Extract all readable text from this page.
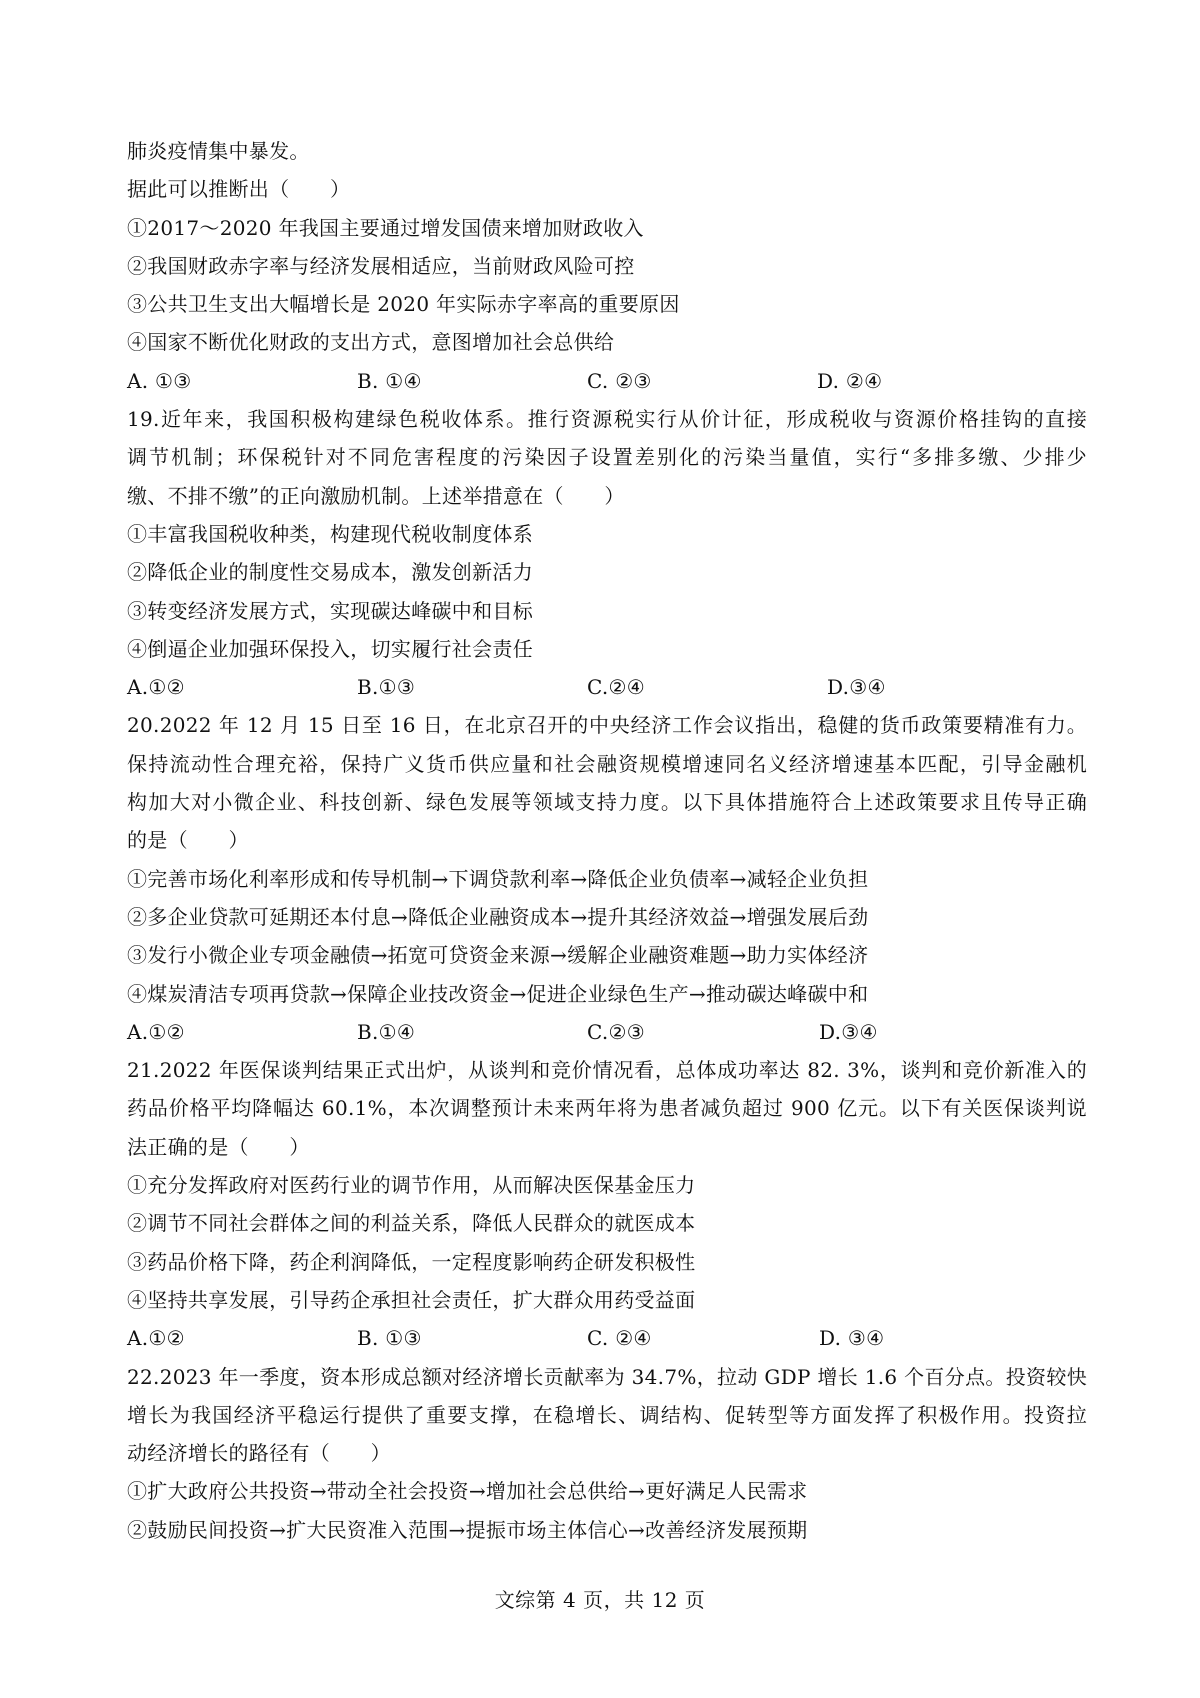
肺炎疫情集中暴发。
据此可以推断出（　　）
①2017～2020 年我国主要通过增发国债来增加财政收入
②我国财政赤字率与经济发展相适应，当前财政风险可控
③公共卫生支出大幅增长是 2020 年实际赤字率高的重要原因
④国家不断优化财政的支出方式，意图增加社会总供给
A. ①③	B. ①④	C. ②③	D. ②④
19.近年来，我国积极构建绿色税收体系。推行资源税实行从价计征，形成税收与资源价格挂钩的直接
调节机制；环保税针对不同危害程度的污染因子设置差别化的污染当量值，实行“多排多缴、少排少
缴、不排不缴”的正向激励机制。上述举措意在（　　）
①丰富我国税收种类，构建现代税收制度体系
②降低企业的制度性交易成本，激发创新活力
③转变经济发展方式，实现碳达峰碳中和目标
④倒逼企业加强环保投入，切实履行社会责任
A.①②	B.①③	C.②④	D.③④
20.2022 年 12 月 15 日至 16 日，在北京召开的中央经济工作会议指出，稳健的货币政策要精准有力。
保持流动性合理充裕，保持广义货币供应量和社会融资规模增速同名义经济增速基本匹配，引导金融机
构加大对小微企业、科技创新、绿色发展等领域支持力度。以下具体措施符合上述政策要求且传导正确
的是（　　）
①完善市场化利率形成和传导机制→下调贷款利率→降低企业负债率→减轻企业负担
②多企业贷款可延期还本付息→降低企业融资成本→提升其经济效益→增强发展后劲
③发行小微企业专项金融债→拓宽可贷资金来源→缓解企业融资难题→助力实体经济
④煤炭清洁专项再贷款→保障企业技改资金→促进企业绿色生产→推动碳达峰碳中和
A.①②	B.①④	C.②③	D.③④
21.2022 年医保谈判结果正式出炉，从谈判和竞价情况看，总体成功率达 82. 3%，谈判和竞价新准入的
药品价格平均降幅达 60.1%，本次调整预计未来两年将为患者减负超过 900 亿元。以下有关医保谈判说
法正确的是（　　）
①充分发挥政府对医药行业的调节作用，从而解决医保基金压力
②调节不同社会群体之间的利益关系，降低人民群众的就医成本
③药品价格下降，药企利润降低，一定程度影响药企研发积极性
④坚持共享发展，引导药企承担社会责任，扩大群众用药受益面
A.①②	B. ①③	C. ②④	D. ③④
22.2023 年一季度，资本形成总额对经济增长贡献率为 34.7%，拉动 GDP 增长 1.6 个百分点。投资较快
增长为我国经济平稳运行提供了重要支撑，在稳增长、调结构、促转型等方面发挥了积极作用。投资拉
动经济增长的路径有（　　）
①扩大政府公共投资→带动全社会投资→增加社会总供给→更好满足人民需求
②鼓励民间投资→扩大民资准入范围→提振市场主体信心→改善经济发展预期
文综第 4 页，共 12 页
